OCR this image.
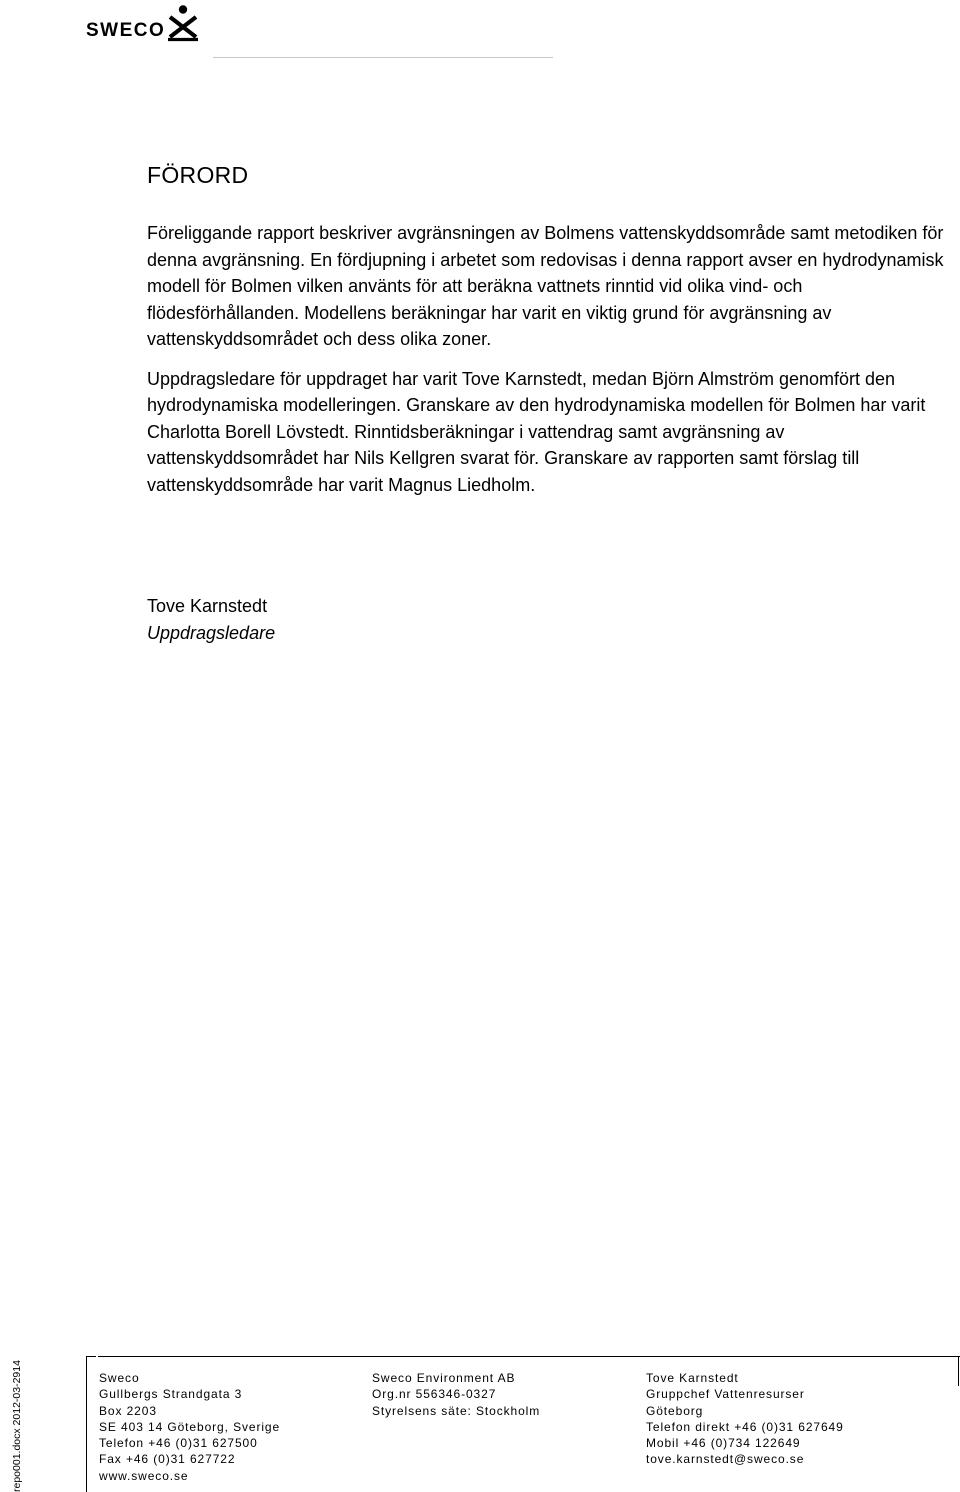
SWECO
FÖRORD

Föreliggande rapport beskriver avgränsningen av Bolmens vattenskyddsområde samt metodiken för denna avgränsning. En fördjupning i arbetet som redovisas i denna rapport avser en hydrodynamisk modell för Bolmen vilken använts för att beräkna vattnets rinntid vid olika vind- och flödesförhållanden. Modellens beräkningar har varit en viktig grund för avgränsning av vattenskyddsområdet och dess olika zoner.

Uppdragsledare för uppdraget har varit Tove Karnstedt, medan Björn Almström genomfört den hydrodynamiska modelleringen. Granskare av den hydrodynamiska modellen för Bolmen har varit Charlotta Borell Lövstedt. Rinntidsberäkningar i vattendrag samt avgränsning av vattenskyddsområdet har Nils Kellgren svarat för. Granskare av rapporten samt förslag till vattenskyddsområde har varit Magnus Liedholm.

Tove Karnstedt
Uppdragsledare
repo001.docx 2012-03-2914	Sweco
Gullbergs Strandgata 3
Box 2203
SE 403 14 Göteborg, Sverige
Telefon +46 (0)31 627500
Fax +46 (0)31 627722
www.sweco.se
Sweco Environment AB
Org.nr 556346-0327
Styrelsens säte: Stockholm
Tove Karnstedt
Gruppchef Vattenresurser
Göteborg
Telefon direkt +46 (0)31 627649
Mobil +46 (0)734 122649
tove.karnstedt@sweco.se
